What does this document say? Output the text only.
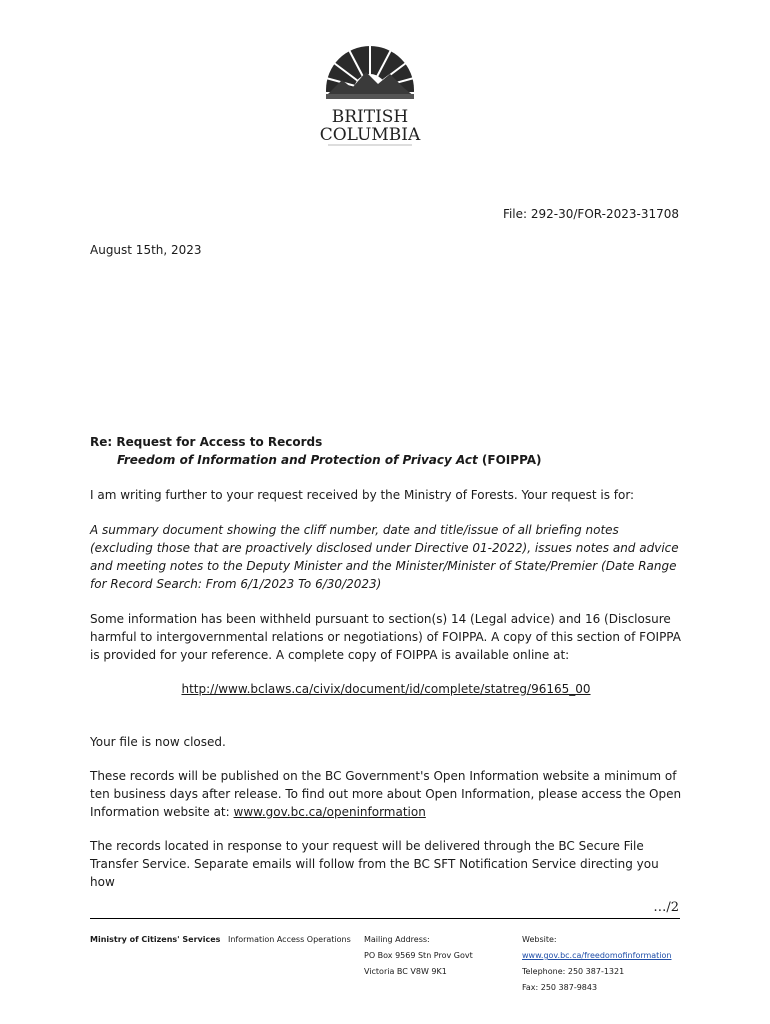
BRITISH
COLUMBIA
File: 292-30/FOR-2023-31708
August 15th, 2023
Re: Request for Access to Records
Freedom of Information and Protection of Privacy Act (FOIPPA)
I am writing further to your request received by the Ministry of Forests. Your request is for:
A summary document showing the cliff number, date and title/issue of all briefing notes (excluding those that are proactively disclosed under Directive 01-2022), issues notes and advice and meeting notes to the Deputy Minister and the Minister/Minister of State/Premier (Date Range for Record Search: From 6/1/2023 To 6/30/2023)
Some information has been withheld pursuant to section(s) 14 (Legal advice) and 16 (Disclosure harmful to intergovernmental relations or negotiations) of FOIPPA. A copy of this section of FOIPPA is provided for your reference. A complete copy of FOIPPA is available online at:
http://www.bclaws.ca/civix/document/id/complete/statreg/96165_00
Your file is now closed.
These records will be published on the BC Government's Open Information website a minimum of ten business days after release. To find out more about Open Information, please access the Open Information website at: www.gov.bc.ca/openinformation
The records located in response to your request will be delivered through the BC Secure File Transfer Service. Separate emails will follow from the BC SFT Notification Service directing you how
…/2
Ministry of Citizens' Services Information Access Operations Mailing Address:
PO Box 9569 Stn Prov Govt
Victoria BC V8W 9K1
Website:
www.gov.bc.ca/freedomofinformation
Telephone: 250 387-1321
Fax: 250 387-9843
